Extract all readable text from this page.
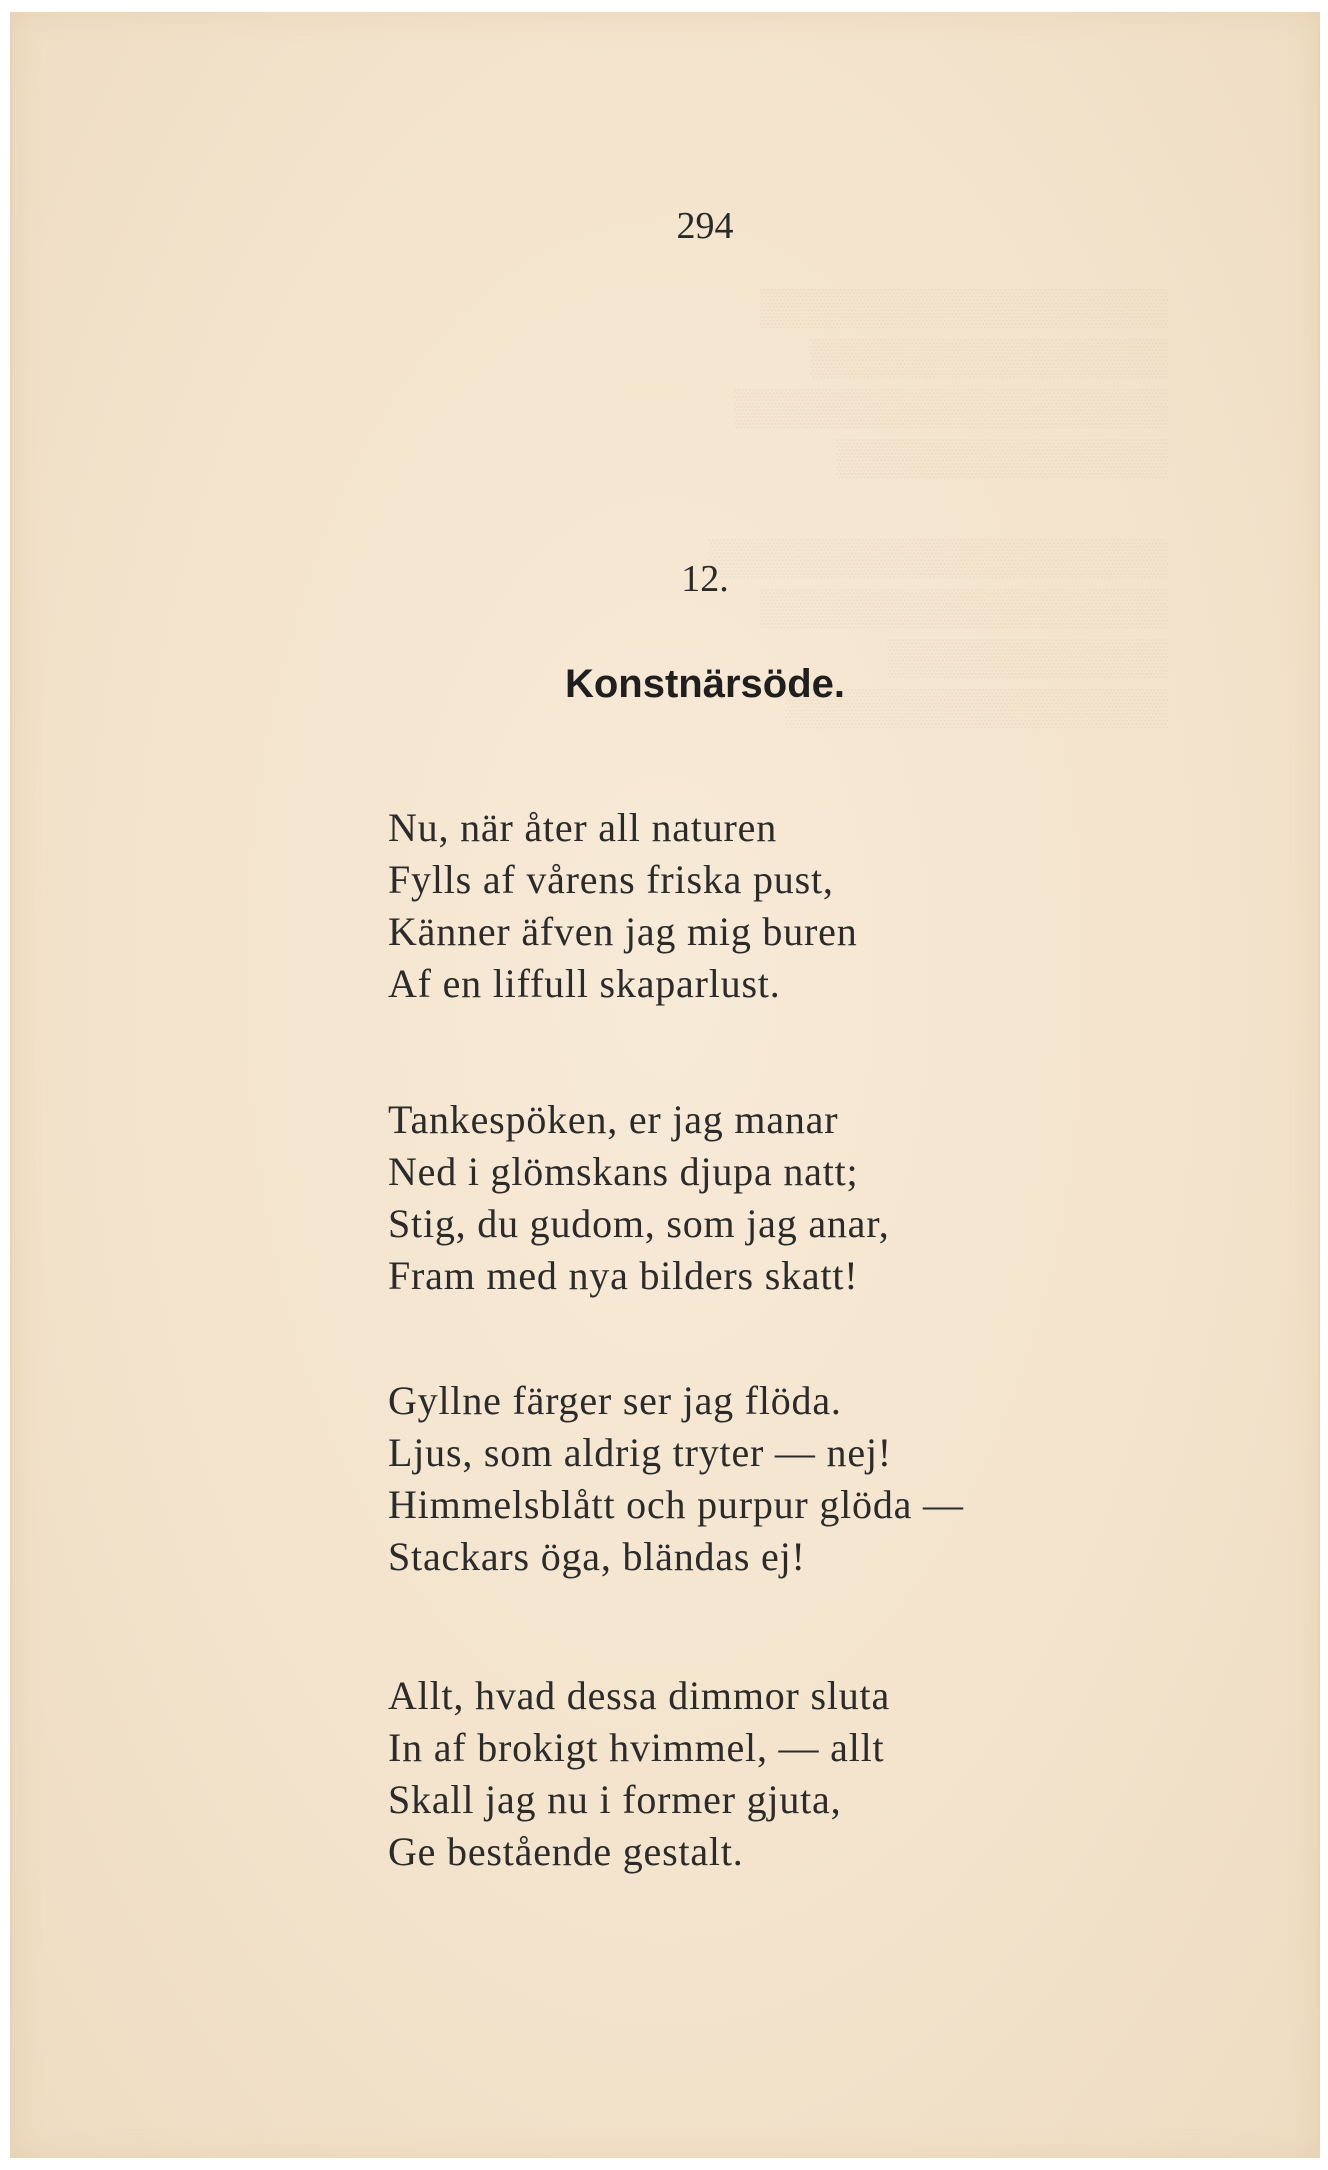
▒▒▒▒▒▒▒▒▒▒▒▒▒▒▒▒
▒▒▒▒▒▒▒▒▒▒▒▒▒▒
▒▒▒▒▒▒▒▒▒▒▒▒▒▒▒▒▒
▒▒▒▒▒▒▒▒▒▒▒▒▒

▒▒▒▒▒▒▒▒▒▒▒▒▒▒▒▒▒▒
▒▒▒▒▒▒▒▒▒▒▒▒▒▒▒▒
▒▒▒▒▒▒▒▒▒▒▒
▒▒▒▒▒▒▒▒▒▒▒▒▒▒▒
294
12.
Konstnärsöde.
Nu, när åter all naturen
Fylls af vårens friska pust,
Känner äfven jag mig buren
Af en liffull skaparlust.
Tankespöken, er jag manar
Ned i glömskans djupa natt;
Stig, du gudom, som jag anar,
Fram med nya bilders skatt!
Gyllne färger ser jag flöda.
Ljus, som aldrig tryter — nej!
Himmelsblått och purpur glöda —
Stackars öga, bländas ej!
Allt, hvad dessa dimmor sluta
In af brokigt hvimmel, — allt
Skall jag nu i former gjuta,
Ge bestående gestalt.
